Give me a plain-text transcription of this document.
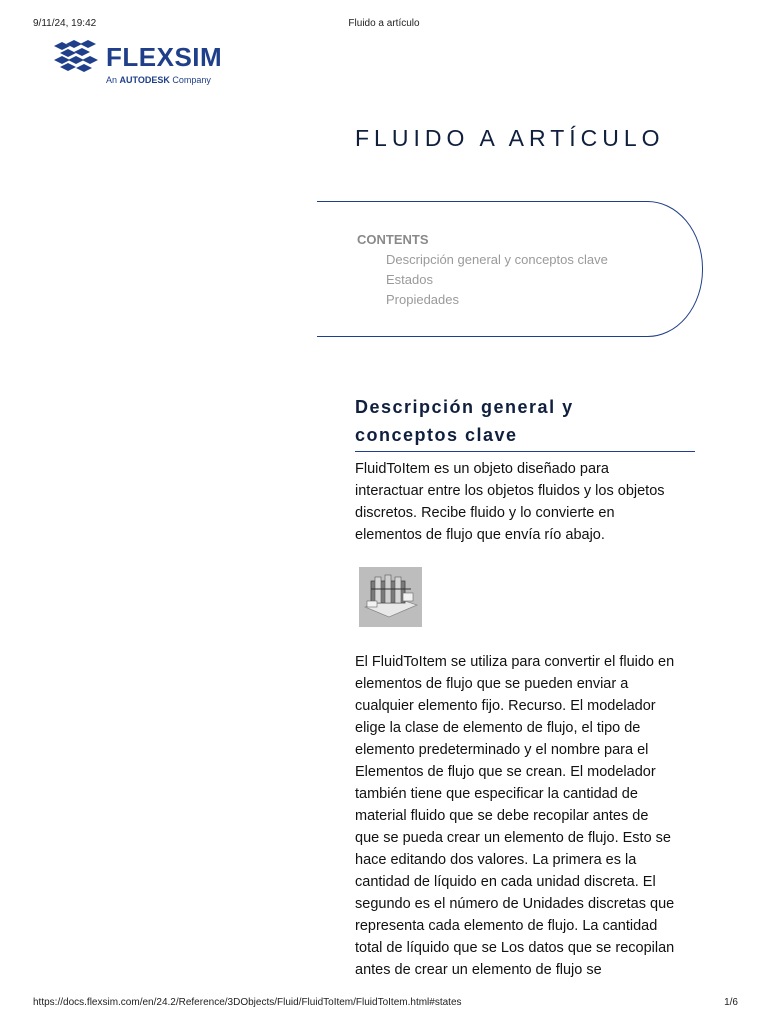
9/11/24, 19:42	Fluido a artículo
FLEXSIM
An AUTODESK Company
FLUIDO A ARTÍCULO
CONTENTS
Descripción general y conceptos clave
Estados
Propiedades
Descripción general y
conceptos clave

FluidToItem es un objeto diseñado para
interactuar entre los objetos fluidos y los objetos
discretos. Recibe fluido y lo convierte en
elementos de flujo que envía río abajo.

El FluidToItem se utiliza para convertir el fluido en
elementos de flujo que se pueden enviar a
cualquier elemento fijo. Recurso. El modelador
elige la clase de elemento de flujo, el tipo de
elemento predeterminado y el nombre para el
Elementos de flujo que se crean. El modelador
también tiene que especificar la cantidad de
material fluido que se debe recopilar antes de
que se pueda crear un elemento de flujo. Esto se
hace editando dos valores. La primera es la
cantidad de líquido en cada unidad discreta. El
segundo es el número de Unidades discretas que
representa cada elemento de flujo. La cantidad
total de líquido que se Los datos que se recopilan
antes de crear un elemento de flujo se

https://docs.flexsim.com/en/24.2/Reference/3DObjects/Fluid/FluidToItem/FluidToItem.html#states	1/6
